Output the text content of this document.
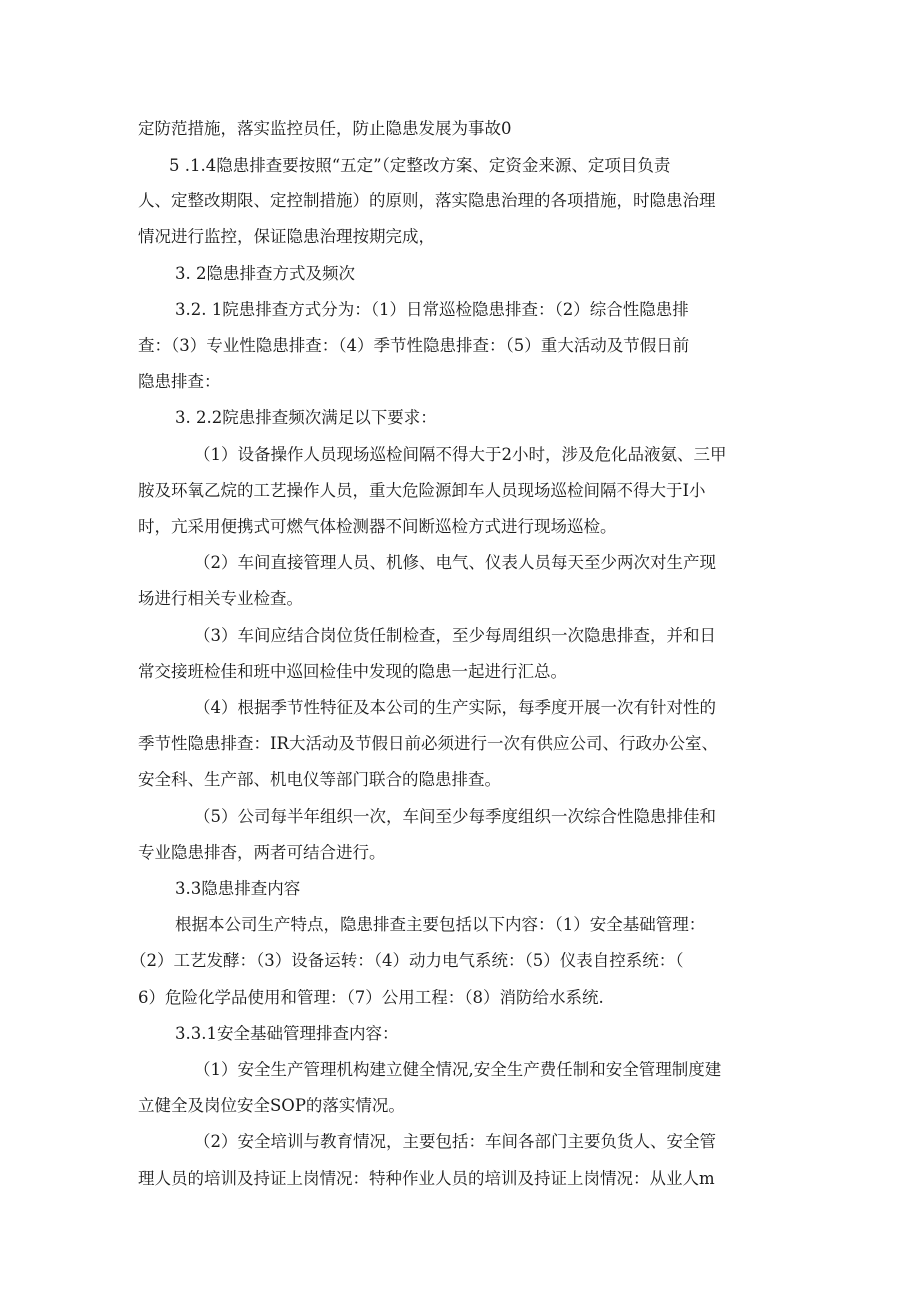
定防范措施，落实监控员任，防止隐患发展为事故0
5 .1.4隐患排查要按照“五定”（定整改方案、定资金来源、定项目负责
人、定整改期限、定控制措施）的原则，落实隐患治理的各项措施，时隐患治理
情况进行监控，保证隐患治理按期完成，
3. 2隐患排查方式及频次
3.2. 1院患排查方式分为：（1）日常巡检隐患排查：（2）综合性隐患排
查：（3）专业性隐患排查：（4）季节性隐患排查：（5）重大活动及节假日前
隐患排查：
3. 2.2院患排查频次满足以下要求：
（1）设备操作人员现场巡检间隔不得大于2小时，涉及危化品液氨、三甲
胺及环氧乙烷的工艺操作人员，重大危险源卸车人员现场巡检间隔不得大于I小
时，亢采用便携式可燃气体检测器不间断巡检方式进行现场巡检。
（2）车间直接管理人员、机修、电气、仪表人员每天至少两次对生产现
场进行相关专业检查。
（3）车间应结合岗位货任制检查，至少每周组织一次隐患排查，并和日
常交接班检佳和班中巡回检佳中发现的隐患一起进行汇总。
（4）根据季节性特征及本公司的生产实际，每季度开展一次有针对性的
季节性隐患排查：IR大活动及节假日前必须进行一次有供应公司、行政办公室、
安全科、生产部、机电仪等部门联合的隐患排查。
（5）公司每半年组织一次，车间至少每季度组织一次综合性隐患排佳和
专业隐患排杳，两者可结合进行。
3.3隐患排查内容
根据本公司生产特点，隐患排查主要包括以下内容：（1）安全基础管理：
（2）工艺发酵：（3）设备运转：（4）动力电气系统：（5）仪表自控系统：（
6）危险化学品使用和管理：（7）公用工程：（8）消防给水系统.
3.3.1安全基础管理排查内容：
（1）安全生产管理机构建立健全情况,安全生产费任制和安全管理制度建
立健全及岗位安全SOP的落实情况。
（2）安全培训与教育情况，主要包括：车间各部门主要负货人、安全管
理人员的培训及持证上岗情况：特种作业人员的培训及持证上岗情况：从业人m
